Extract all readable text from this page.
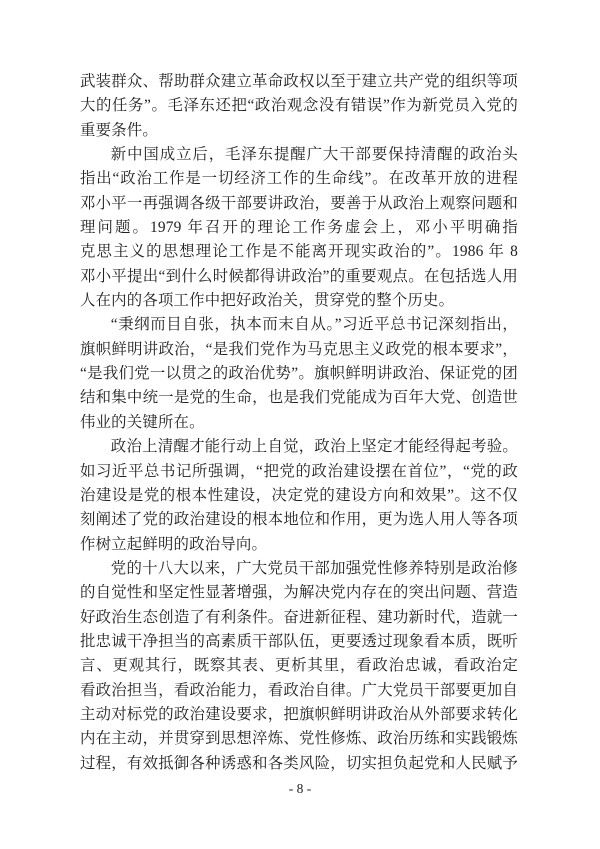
武装群众、帮助群众建立革命政权以至于建立共产党的组织等项
大的任务”。毛泽东还把“政治观念没有错误”作为新党员入党的
重要条件。
新中国成立后，毛泽东提醒广大干部要保持清醒的政治头
指出“政治工作是一切经济工作的生命线”。在改革开放的进程
邓小平一再强调各级干部要讲政治，要善于从政治上观察问题和
理问题。1979 年召开的理论工作务虚会上，邓小平明确指
克思主义的思想理论工作是不能离开现实政治的”。1986 年 8
邓小平提出“到什么时候都得讲政治”的重要观点。在包括选人用
人在内的各项工作中把好政治关，贯穿党的整个历史。
“秉纲而目自张，执本而末自从。”习近平总书记深刻指出，
旗帜鲜明讲政治，“是我们党作为马克思主义政党的根本要求”，
“是我们党一以贯之的政治优势”。旗帜鲜明讲政治、保证党的团
结和集中统一是党的生命，也是我们党能成为百年大党、创造世
伟业的关键所在。
政治上清醒才能行动上自觉，政治上坚定才能经得起考验。
如习近平总书记所强调，“把党的政治建设摆在首位”，“党的政
治建设是党的根本性建设，决定党的建设方向和效果”。这不仅
刻阐述了党的政治建设的根本地位和作用，更为选人用人等各项
作树立起鲜明的政治导向。
党的十八大以来，广大党员干部加强党性修养特别是政治修
的自觉性和坚定性显著增强，为解决党内存在的突出问题、营造
好政治生态创造了有利条件。奋进新征程、建功新时代，造就一
批忠诚干净担当的高素质干部队伍，更要透过现象看本质，既听
言、更观其行，既察其表、更析其里，看政治忠诚，看政治定
看政治担当，看政治能力，看政治自律。广大党员干部要更加自
主动对标党的政治建设要求，把旗帜鲜明讲政治从外部要求转化
内在主动，并贯穿到思想淬炼、党性修炼、政治历练和实践锻炼
过程，有效抵御各种诱惑和各类风险，切实担负起党和人民赋予
- 8 -
